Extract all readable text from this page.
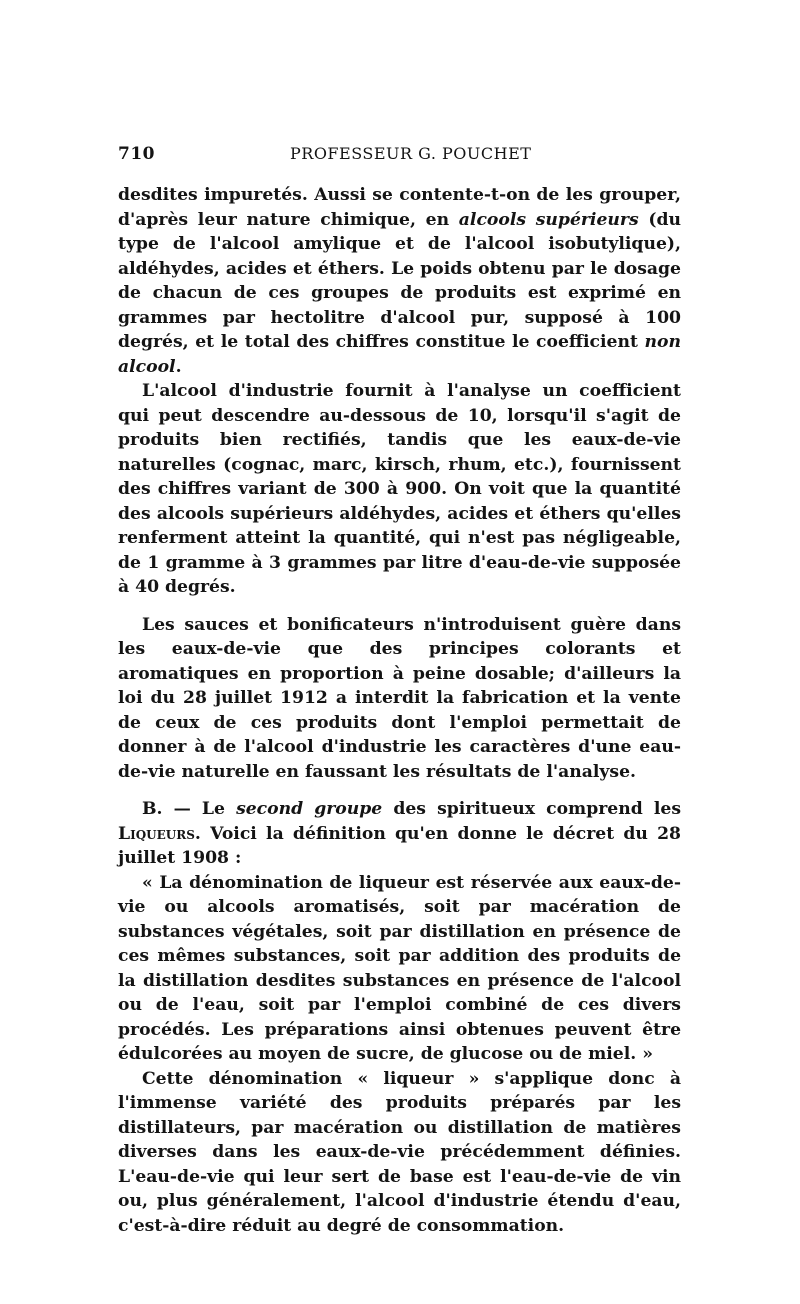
710	PROFESSEUR G. POUCHET

desdites impuretés. Aussi se contente-t-on de les grouper, d'après leur nature chimique, en alcools supérieurs (du type de l'alcool amylique et de l'alcool isobutylique), aldéhydes, acides et éthers. Le poids obtenu par le dosage de chacun de ces groupes de produits est exprimé en grammes par hectolitre d'alcool pur, supposé à 100 degrés, et le total des chiffres constitue le coefficient non alcool.

L'alcool d'industrie fournit à l'analyse un coefficient qui peut descendre au-dessous de 10, lorsqu'il s'agit de produits bien rectifiés, tandis que les eaux-de-vie naturelles (cognac, marc, kirsch, rhum, etc.), fournissent des chiffres variant de 300 à 900. On voit que la quantité des alcools supérieurs aldéhydes, acides et éthers qu'elles renferment atteint la quantité, qui n'est pas négligeable, de 1 gramme à 3 grammes par litre d'eau-de-vie supposée à 40 degrés.

Les sauces et bonificateurs n'introduisent guère dans les eaux-de-vie que des principes colorants et aromatiques en proportion à peine dosable; d'ailleurs la loi du 28 juillet 1912 a interdit la fabrication et la vente de ceux de ces produits dont l'emploi permettait de donner à de l'alcool d'industrie les caractères d'une eau-de-vie naturelle en faussant les résultats de l'analyse.

B. — Le second groupe des spiritueux comprend les Liqueurs. Voici la définition qu'en donne le décret du 28 juillet 1908 :

« La dénomination de liqueur est réservée aux eaux-de-vie ou alcools aromatisés, soit par macération de substances végétales, soit par distillation en présence de ces mêmes substances, soit par addition des produits de la distillation desdites substances en présence de l'alcool ou de l'eau, soit par l'emploi combiné de ces divers procédés. Les préparations ainsi obtenues peuvent être édulcorées au moyen de sucre, de glucose ou de miel. »

Cette dénomination « liqueur » s'applique donc à l'immense variété des produits préparés par les distillateurs, par macération ou distillation de matières diverses dans les eaux-de-vie précédemment définies. L'eau-de-vie qui leur sert de base est l'eau-de-vie de vin ou, plus généralement, l'alcool d'industrie étendu d'eau, c'est-à-dire réduit au degré de consommation.
